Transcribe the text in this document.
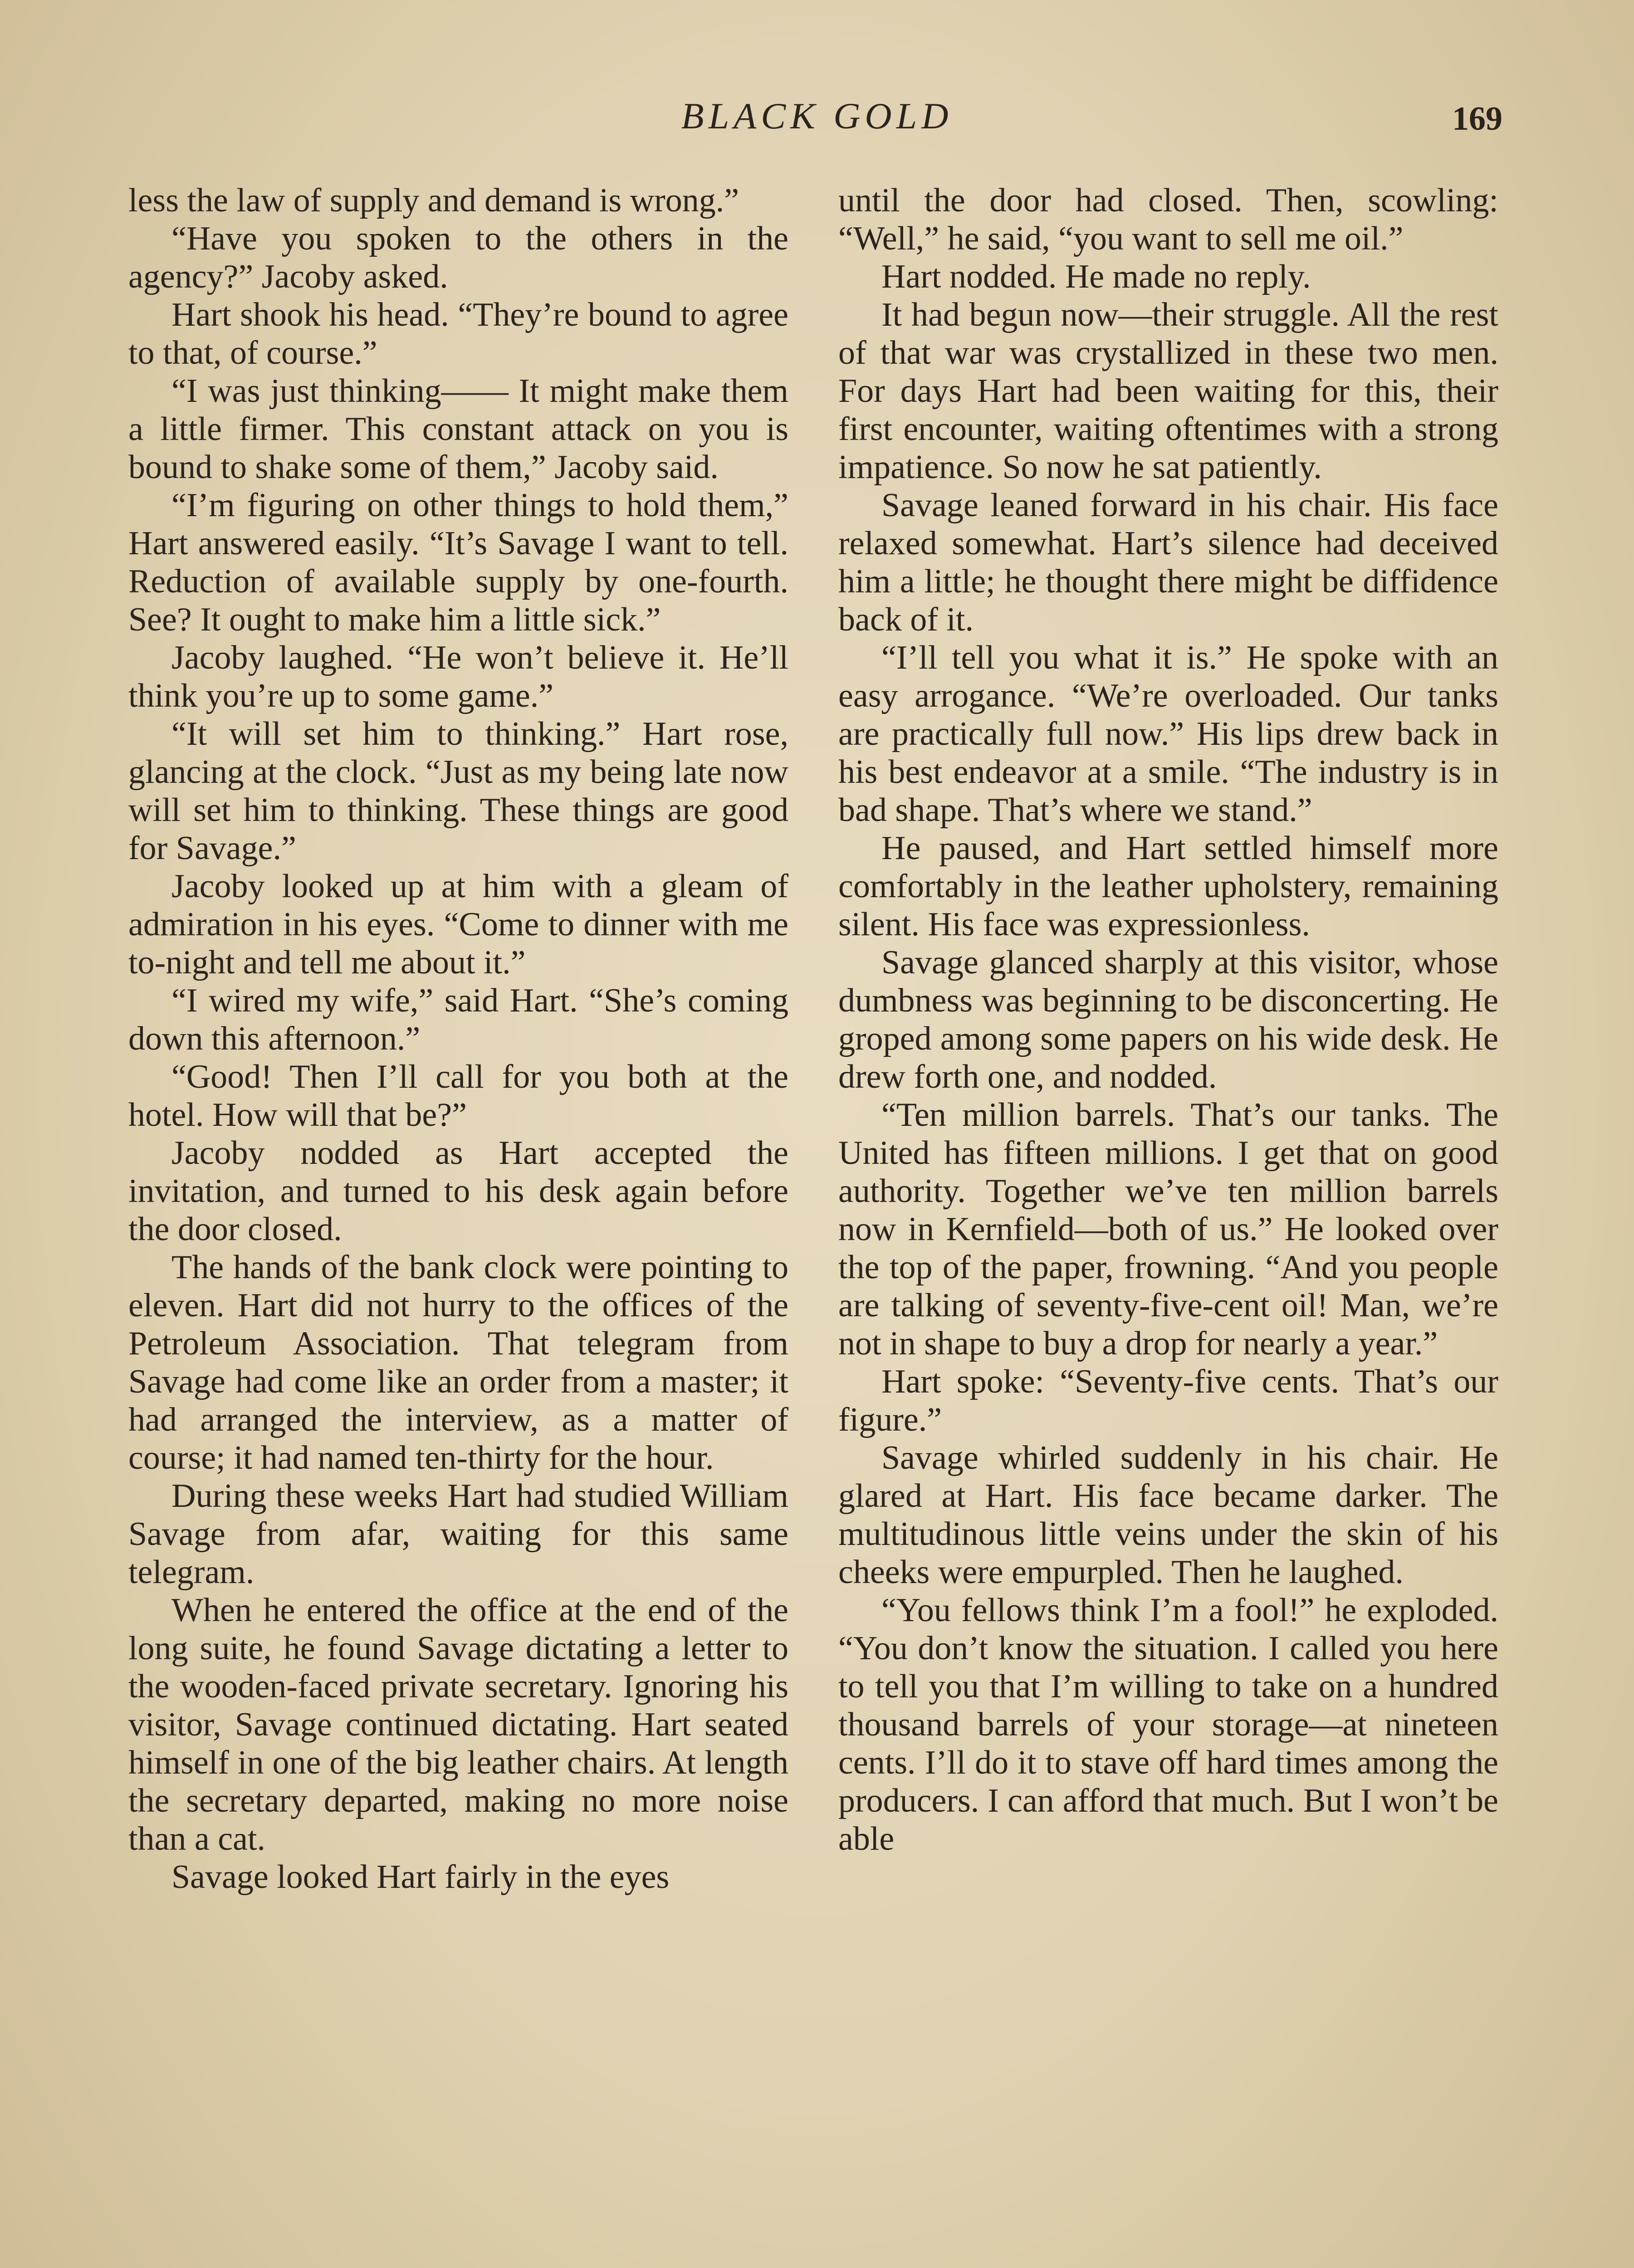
BLACK GOLD	169

less the law of supply and demand is wrong.”

“Have you spoken to the others in the agency?” Jacoby asked.

Hart shook his head. “They’re bound to agree to that, of course.”

“I was just thinking—— It might make them a little firmer. This constant attack on you is bound to shake some of them,” Jacoby said.

“I’m figuring on other things to hold them,” Hart answered easily. “It’s Savage I want to tell. Reduction of available supply by one-fourth. See? It ought to make him a little sick.”

Jacoby laughed. “He won’t believe it. He’ll think you’re up to some game.”

“It will set him to thinking.” Hart rose, glancing at the clock. “Just as my being late now will set him to thinking. These things are good for Savage.”

Jacoby looked up at him with a gleam of admiration in his eyes. “Come to dinner with me to-night and tell me about it.”

“I wired my wife,” said Hart. “She’s coming down this afternoon.”

“Good! Then I’ll call for you both at the hotel. How will that be?”

Jacoby nodded as Hart accepted the invitation, and turned to his desk again before the door closed.

The hands of the bank clock were pointing to eleven. Hart did not hurry to the offices of the Petroleum Association. That telegram from Savage had come like an order from a master; it had arranged the interview, as a matter of course; it had named ten-thirty for the hour.

During these weeks Hart had studied William Savage from afar, waiting for this same telegram.

When he entered the office at the end of the long suite, he found Savage dictating a letter to the wooden-faced private secretary. Ignoring his visitor, Savage continued dictating. Hart seated himself in one of the big leather chairs. At length the secretary departed, making no more noise than a cat.

Savage looked Hart fairly in the eyes

until the door had closed. Then, scowling: “Well,” he said, “you want to sell me oil.”

Hart nodded. He made no reply.

It had begun now—their struggle. All the rest of that war was crystallized in these two men. For days Hart had been waiting for this, their first encounter, waiting oftentimes with a strong impatience. So now he sat patiently.

Savage leaned forward in his chair. His face relaxed somewhat. Hart’s silence had deceived him a little; he thought there might be diffidence back of it.

“I’ll tell you what it is.” He spoke with an easy arrogance. “We’re overloaded. Our tanks are practically full now.” His lips drew back in his best endeavor at a smile. “The industry is in bad shape. That’s where we stand.”

He paused, and Hart settled himself more comfortably in the leather upholstery, remaining silent. His face was expressionless.

Savage glanced sharply at this visitor, whose dumbness was beginning to be disconcerting. He groped among some papers on his wide desk. He drew forth one, and nodded.

“Ten million barrels. That’s our tanks. The United has fifteen millions. I get that on good authority. Together we’ve ten million barrels now in Kernfield—both of us.” He looked over the top of the paper, frowning. “And you people are talking of seventy-five-cent oil! Man, we’re not in shape to buy a drop for nearly a year.”

Hart spoke: “Seventy-five cents. That’s our figure.”

Savage whirled suddenly in his chair. He glared at Hart. His face became darker. The multitudinous little veins under the skin of his cheeks were empurpled. Then he laughed.

“You fellows think I’m a fool!” he exploded. “You don’t know the situation. I called you here to tell you that I’m willing to take on a hundred thousand barrels of your storage—at nineteen cents. I’ll do it to stave off hard times among the producers. I can afford that much. But I won’t be able
